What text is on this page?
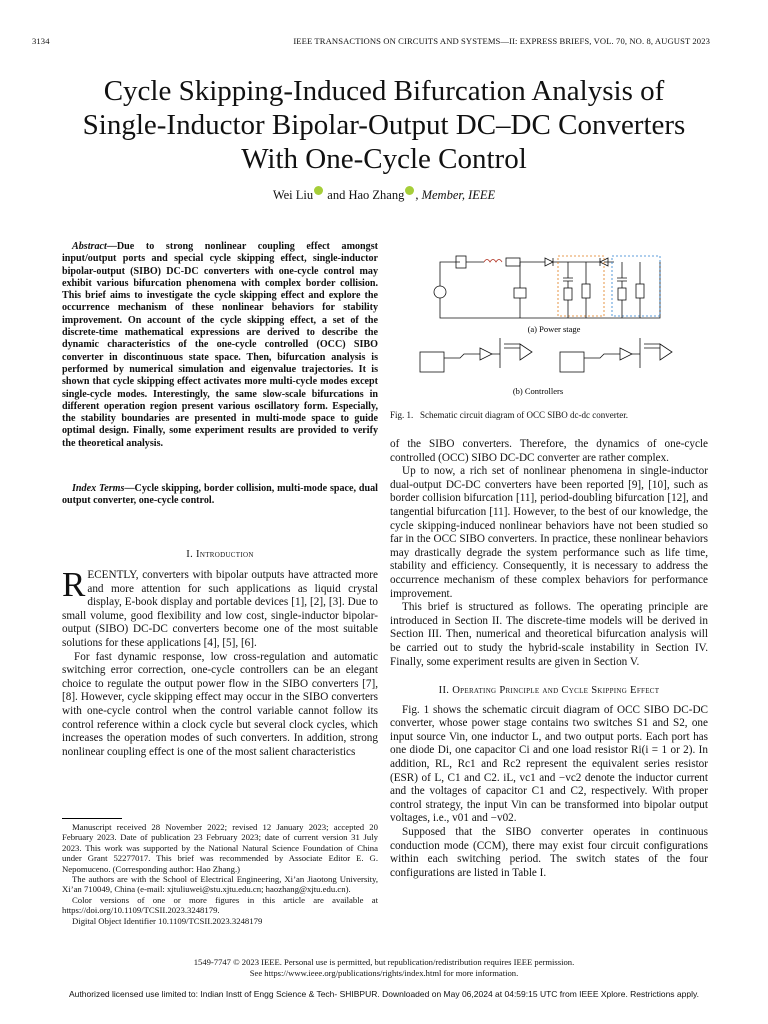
3134	IEEE TRANSACTIONS ON CIRCUITS AND SYSTEMS—II: EXPRESS BRIEFS, VOL. 70, NO. 8, AUGUST 2023
Cycle Skipping-Induced Bifurcation Analysis of Single-Inductor Bipolar-Output DC–DC Converters With One-Cycle Control
Wei Liu and Hao Zhang , Member, IEEE
Abstract—Due to strong nonlinear coupling effect amongst input/output ports and special cycle skipping effect, single-inductor bipolar-output (SIBO) DC-DC converters with one-cycle control may exhibit various bifurcation phenomena with complex border collision. This brief aims to investigate the cycle skipping effect and explore the occurrence mechanism of these nonlinear behaviors for stability improvement. On account of the cycle skipping effect, a set of the discrete-time mathematical expressions are derived to describe the dynamic characteristics of the one-cycle controlled (OCC) SIBO converter in discontinuous state space. Then, bifurcation analysis is performed by numerical simulation and eigenvalue trajectories. It is shown that cycle skipping effect activates more multi-cycle modes except single-cycle modes. Interestingly, the same slow-scale bifurcations in different operation region present various oscillatory form. Especially, the stability boundaries are presented in multi-mode space to guide optimal design. Finally, some experiment results are provided to verify the theoretical analysis.
Index Terms—Cycle skipping, border collision, multi-mode space, dual output converter, one-cycle control.
I. Introduction

RECENTLY, converters with bipolar outputs have attracted more and more attention for such applications as liquid crystal display, E-book display and portable devices [1], [2], [3]. Due to small volume, good flexibility and low cost, single-inductor bipolar-output (SIBO) DC-DC converters become one of the most suitable solutions for these applications [4], [5], [6].

For fast dynamic response, low cross-regulation and automatic switching error correction, one-cycle controllers can be an elegant choice to regulate the output power flow in the SIBO converters [7], [8]. However, cycle skipping effect may occur in the SIBO converters with one-cycle control when the control variable cannot follow its control reference within a clock cycle but several clock cycles, which increases the operation modes of such converters. In addition, strong nonlinear coupling effect is one of the most salient characteristics

Manuscript received 28 November 2022; revised 12 January 2023; accepted 20 February 2023. Date of publication 23 February 2023; date of current version 31 July 2023. This work was supported by the National Natural Science Foundation of China under Grant 52277017. This brief was recommended by Associate Editor E. G. Nepomuceno. (Corresponding author: Hao Zhang.)

The authors are with the School of Electrical Engineering, Xi’an Jiaotong University, Xi’an 710049, China (e-mail: xjtuliuwei@stu.xjtu.edu.cn; haozhang@xjtu.edu.cn).

Color versions of one or more figures in this article are available at https://doi.org/10.1109/TCSII.2023.3248179.

Digital Object Identifier 10.1109/TCSII.2023.3248179

(a) Power stage
(b) Controllers
Fig. 1. Schematic circuit diagram of OCC SIBO dc-dc converter.

of the SIBO converters. Therefore, the dynamics of one-cycle controlled (OCC) SIBO DC-DC converter are rather complex.

Up to now, a rich set of nonlinear phenomena in single-inductor dual-output DC-DC converters have been reported [9], [10], such as border collision bifurcation [11], period-doubling bifurcation [12], and tangential bifurcation [11]. However, to the best of our knowledge, the cycle skipping-induced nonlinear behaviors have not been studied so far in the OCC SIBO converters. In practice, these nonlinear behaviors may drastically degrade the system performance such as life time, stability and efficiency. Consequently, it is necessary to address the occurrence mechanism of these complex behaviors for performance improvement.

This brief is structured as follows. The operating principle are introduced in Section II. The discrete-time models will be derived in Section III. Then, numerical and theoretical bifurcation analysis will be carried out to study the hybrid-scale instability in Section IV. Finally, some experiment results are given in Section V.

II. Operating Principle and Cycle Skipping Effect

Fig. 1 shows the schematic circuit diagram of OCC SIBO DC-DC converter, whose power stage contains two switches S1 and S2, one input source Vin, one inductor L, and two output ports. Each port has one diode Di, one capacitor Ci and one load resistor Ri(i = 1 or 2). In addition, RL, Rc1 and Rc2 represent the equivalent series resistor (ESR) of L, C1 and C2. iL, vc1 and −vc2 denote the inductor current and the voltages of capacitor C1 and C2, respectively. With proper control strategy, the input Vin can be transformed into bipolar output voltages, i.e., v01 and −v02.

Supposed that the SIBO converter operates in continuous conduction mode (CCM), there may exist four circuit configurations within each switching period. The switch states of the four configurations are listed in Table I.

1549-7747 © 2023 IEEE. Personal use is permitted, but republication/redistribution requires IEEE permission.
See https://www.ieee.org/publications/rights/index.html for more information.
Authorized licensed use limited to: Indian Instt of Engg Science & Tech- SHIBPUR. Downloaded on May 06,2024 at 04:59:15 UTC from IEEE Xplore. Restrictions apply.
